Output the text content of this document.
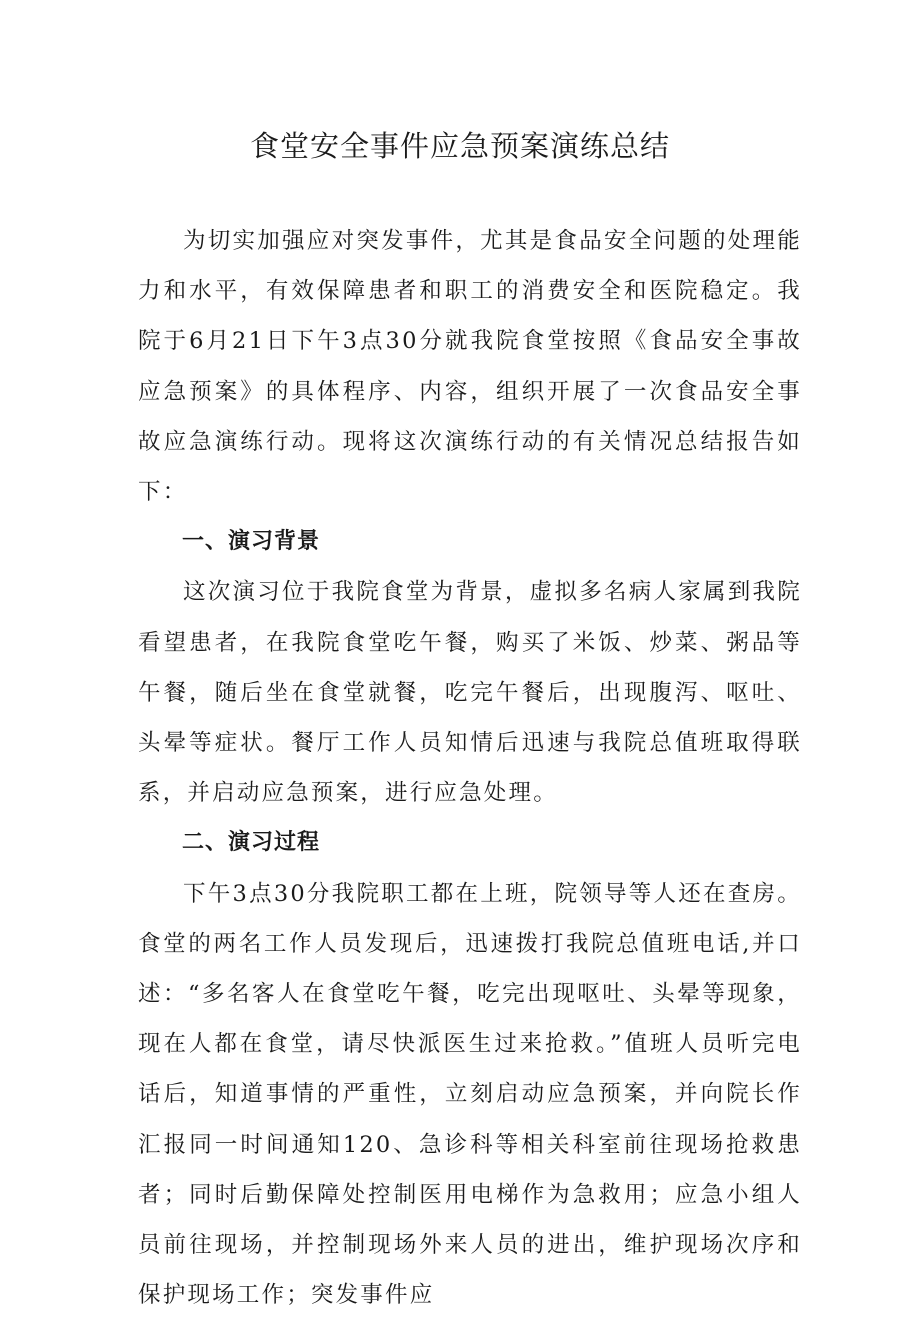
食堂安全事件应急预案演练总结

为切实加强应对突发事件，尤其是食品安全问题的处理能力和水平，有效保障患者和职工的消费安全和医院稳定。我院于6月21日下午3点30分就我院食堂按照《食品安全事故应急预案》的具体程序、内容，组织开展了一次食品安全事故应急演练行动。现将这次演练行动的有关情况总结报告如下：

一、演习背景

这次演习位于我院食堂为背景，虚拟多名病人家属到我院看望患者，在我院食堂吃午餐，购买了米饭、炒菜、粥品等午餐，随后坐在食堂就餐，吃完午餐后，出现腹泻、呕吐、头晕等症状。餐厅工作人员知情后迅速与我院总值班取得联系，并启动应急预案，进行应急处理。

二、演习过程

下午3点30分我院职工都在上班，院领导等人还在查房。食堂的两名工作人员发现后，迅速拨打我院总值班电话,并口述：“多名客人在食堂吃午餐，吃完出现呕吐、头晕等现象，现在人都在食堂，请尽快派医生过来抢救。”值班人员听完电话后，知道事情的严重性，立刻启动应急预案，并向院长作汇报同一时间通知120、急诊科等相关科室前往现场抢救患者；同时后勤保障处控制医用电梯作为急救用；应急小组人员前往现场，并控制现场外来人员的进出，维护现场次序和保护现场工作；突发事件应
